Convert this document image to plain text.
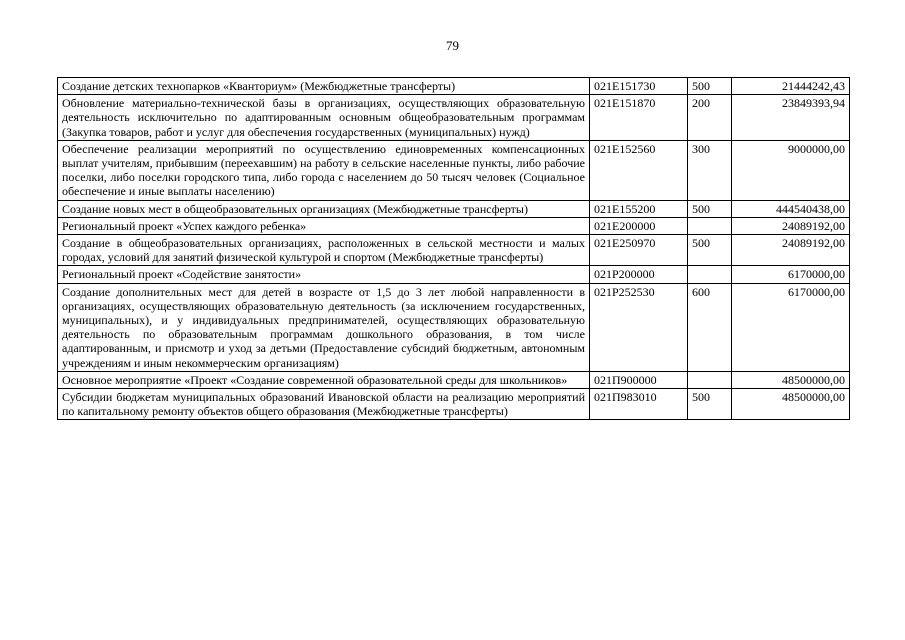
79
Создание детских технопарков «Кванториум» (Межбюджетные трансферты)	021Е151730	500	21444242,43
Обновление материально-технической базы в организациях, осуществляющих образовательную деятельность исключительно по адаптированным основным общеобразовательным программам (Закупка товаров, работ и услуг для обеспечения государственных (муниципальных) нужд)	021Е151870	200	23849393,94
Обеспечение реализации мероприятий по осуществлению единовременных компенсационных выплат учителям, прибывшим (переехавшим) на работу в сельские населенные пункты, либо рабочие поселки, либо поселки городского типа, либо города с населением до 50 тысяч человек (Социальное обеспечение и иные выплаты населению)	021Е152560	300	9000000,00
Создание новых мест в общеобразовательных организациях (Межбюджетные трансферты)	021Е155200	500	444540438,00
Региональный проект «Успех каждого ребенка»	021Е200000		24089192,00
Создание в общеобразовательных организациях, расположенных в сельской местности и малых городах, условий для занятий физической культурой и спортом (Межбюджетные трансферты)	021Е250970	500	24089192,00
Региональный проект «Содействие занятости»	021Р200000		6170000,00
Создание дополнительных мест для детей в возрасте от 1,5 до 3 лет любой направленности в организациях, осуществляющих образовательную деятельность (за исключением государственных, муниципальных), и у индивидуальных предпринимателей, осуществляющих образовательную деятельность по образовательным программам дошкольного образования, в том числе адаптированным, и присмотр и уход за детьми (Предоставление субсидий бюджетным, автономным учреждениям и иным некоммерческим организациям)	021Р252530	600	6170000,00
Основное мероприятие «Проект «Создание современной образовательной среды для школьников»	021П900000		48500000,00
Субсидии бюджетам муниципальных образований Ивановской области на реализацию мероприятий по капитальному ремонту объектов общего образования (Межбюджетные трансферты)	021П983010	500	48500000,00
